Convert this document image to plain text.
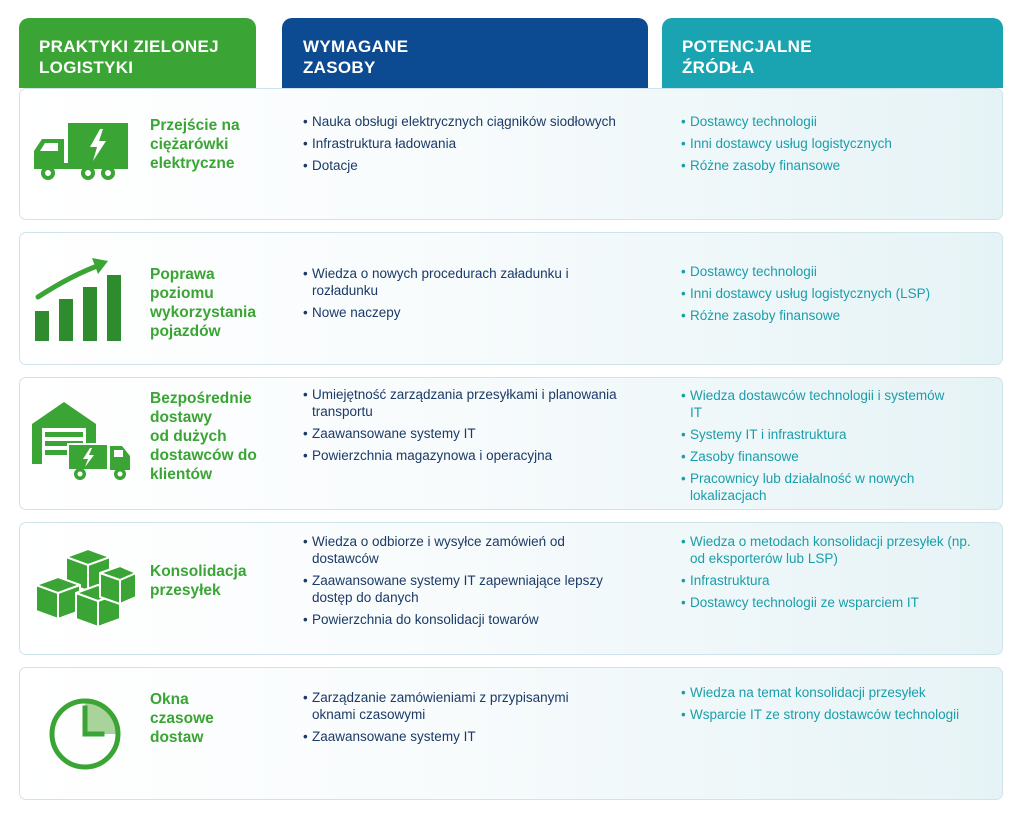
PRAKTYKI ZIELONEJ
LOGISTYKI
WYMAGANE
ZASOBY
POTENCJALNE
ŹRÓDŁA
Przejście na
ciężarówki
elektryczne
• Nauka obsługi elektrycznych ciągników siodłowych
• Infrastruktura ładowania
• Dotacje
• Dostawcy technologii
• Inni dostawcy usług logistycznych
• Różne zasoby finansowe
Poprawa
poziomu
wykorzystania
pojazdów
• Wiedza o nowych procedurach załadunku i rozładunku
• Nowe naczepy
• Dostawcy technologii
• Inni dostawcy usług logistycznych (LSP)
• Różne zasoby finansowe
Bezpośrednie
dostawy
od dużych
dostawców do
klientów
• Umiejętność zarządzania przesyłkami i planowania transportu
• Zaawansowane systemy IT
• Powierzchnia magazynowa i operacyjna
• Wiedza dostawców technologii i systemów IT
• Systemy IT i infrastruktura
• Zasoby finansowe
• Pracownicy lub działalność w nowych lokalizacjach
Konsolidacja
przesyłek
• Wiedza o odbiorze i wysyłce zamówień od dostawców
• Zaawansowane systemy IT zapewniające lepszy dostęp do danych
• Powierzchnia do konsolidacji towarów
• Wiedza o metodach konsolidacji przesyłek (np. od eksporterów lub LSP)
• Infrastruktura
• Dostawcy technologii ze wsparciem IT
Okna
czasowe
dostaw
• Zarządzanie zamówieniami z przypisanymi oknami czasowymi
• Zaawansowane systemy IT
• Wiedza na temat konsolidacji przesyłek
• Wsparcie IT ze strony dostawców technologii
